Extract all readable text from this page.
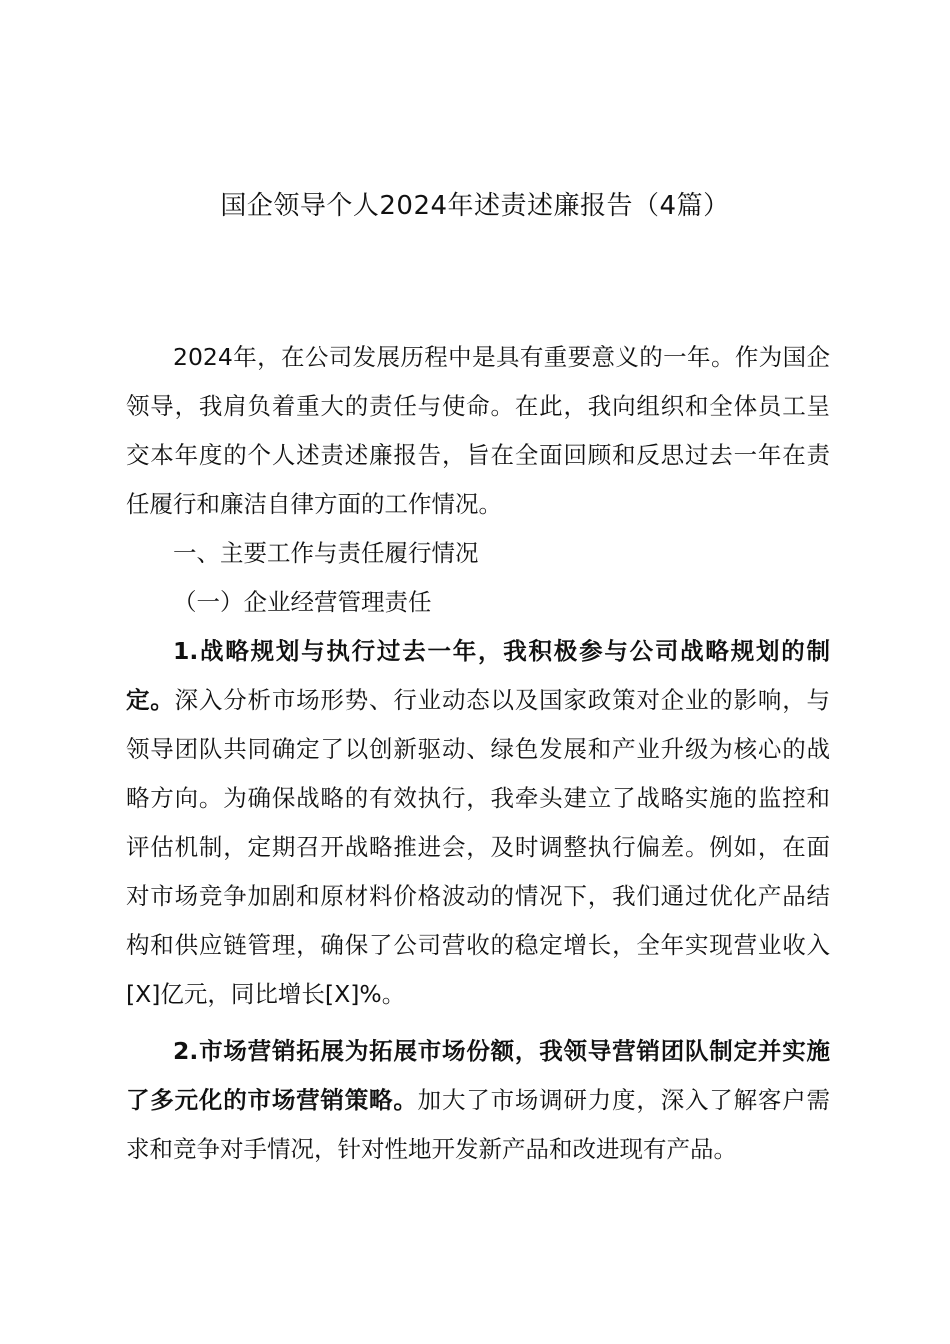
国企领导个人2024年述责述廉报告（4篇）

2024年，在公司发展历程中是具有重要意义的一年。作为国企领导，我肩负着重大的责任与使命。在此，我向组织和全体员工呈交本年度的个人述责述廉报告，旨在全面回顾和反思过去一年在责任履行和廉洁自律方面的工作情况。

一、主要工作与责任履行情况

（一）企业经营管理责任

1.战略规划与执行过去一年，我积极参与公司战略规划的制定。深入分析市场形势、行业动态以及国家政策对企业的影响，与领导团队共同确定了以创新驱动、绿色发展和产业升级为核心的战略方向。为确保战略的有效执行，我牵头建立了战略实施的监控和评估机制，定期召开战略推进会，及时调整执行偏差。例如，在面对市场竞争加剧和原材料价格波动的情况下，我们通过优化产品结构和供应链管理，确保了公司营收的稳定增长，全年实现营业收入[X]亿元，同比增长[X]%。

2.市场营销拓展为拓展市场份额，我领导营销团队制定并实施了多元化的市场营销策略。加大了市场调研力度，深入了解客户需求和竞争对手情况，针对性地开发新产品和改进现有产品。
